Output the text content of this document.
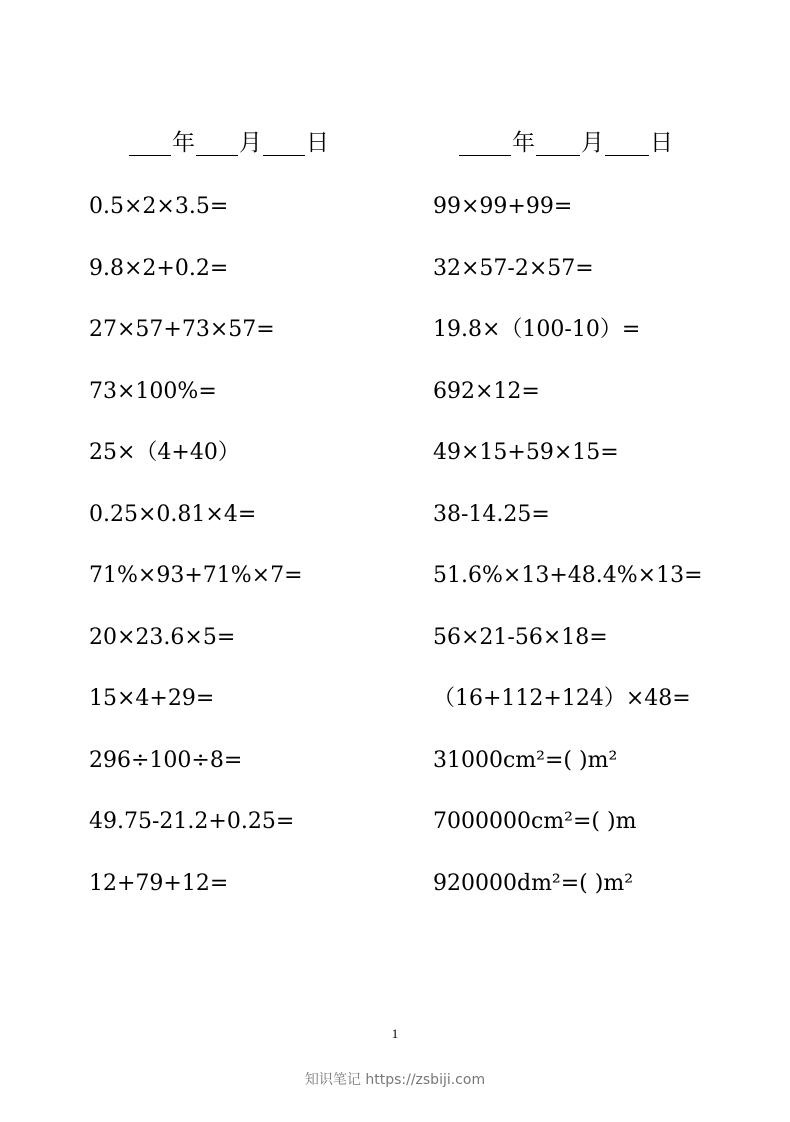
年 月 日	年 月 日
0.5×2×3.5=
9.8×2+0.2=
27×57+73×57=
73×100%=
25×（4+40）
0.25×0.81×4=
71%×93+71%×7=
20×23.6×5=
15×4+29=
296÷100÷8=
49.75-21.2+0.25=
12+79+12=
99×99+99=
32×57-2×57=
19.8×（100-10）=
692×12=
49×15+59×15=
38-14.25=
51.6%×13+48.4%×13=
56×21-56×18=
（16+112+124）×48=
31000cm²=( )m²
7000000cm²=( )m
920000dm²=( )m²
1
知识笔记 https://zsbiji.com
